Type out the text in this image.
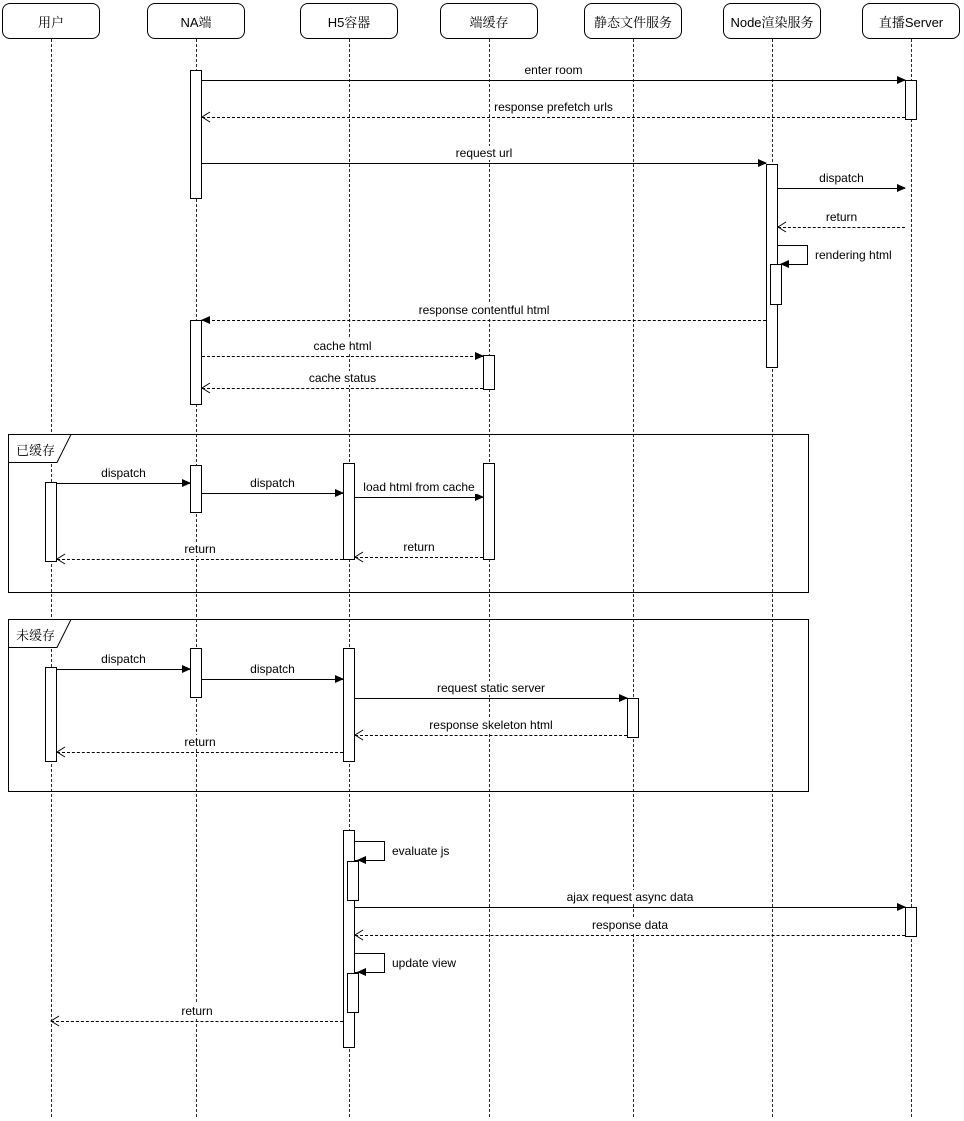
用户	NA端	H5容器	端缓存	静态文件服务	Node渲染服务	直播Server
已缓存
未缓存
enter room
response prefetch urls
request url
dispatch
return
rendering html
response contentful html
cache html
cache status
dispatch
dispatch	load html from cache
return
return
dispatch
dispatch
request static server
response skeleton html
return
evaluate js
ajax request async data
response data
update view
return
